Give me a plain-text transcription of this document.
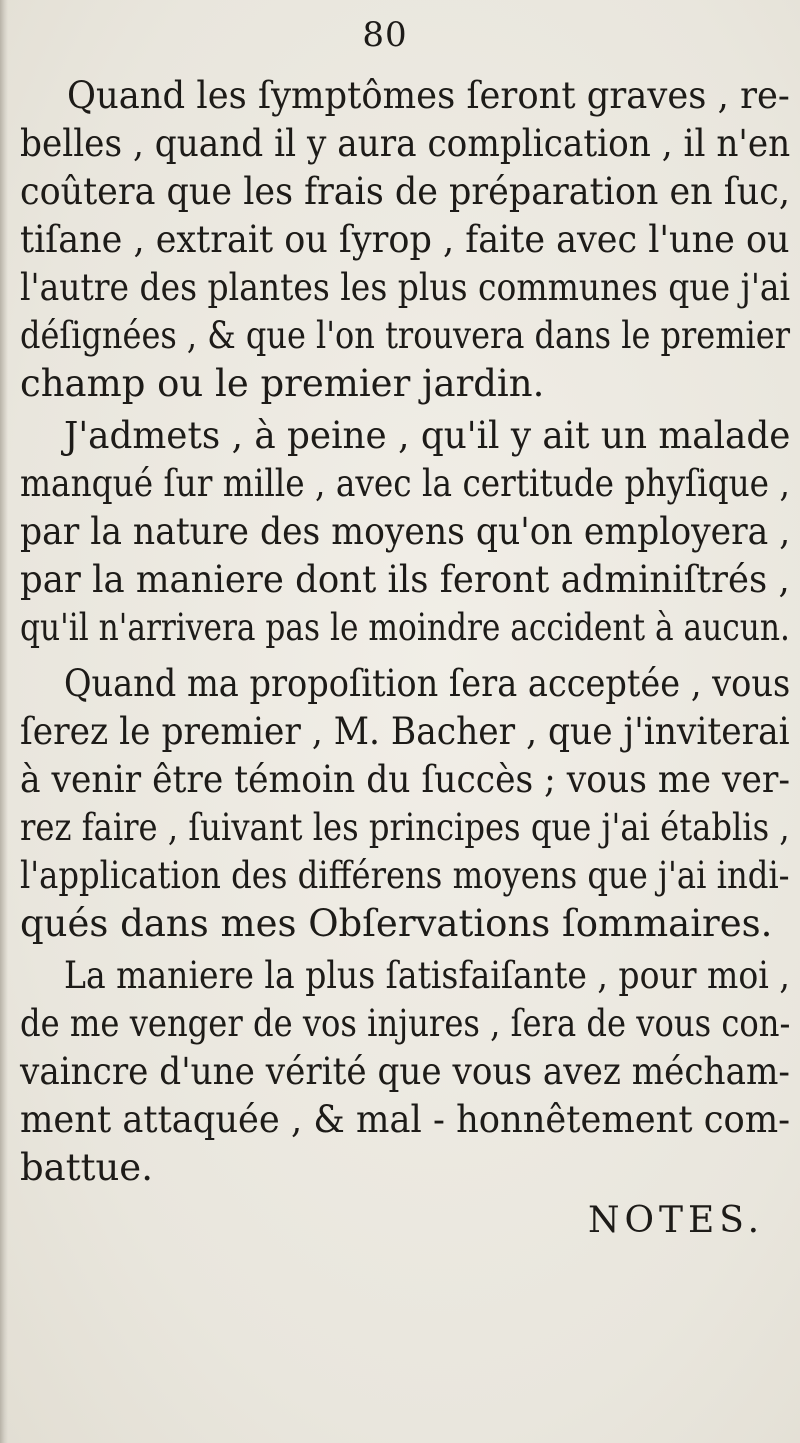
80
Quand les ſymptômes ſeront graves , re-
belles , quand il y aura complication , il n'en
coûtera que les frais de préparation en ſuc,
tiſane , extrait ou ſyrop , faite avec l'une ou
l'autre des plantes les plus communes que j'ai
déſignées , & que l'on trouvera dans le premier
champ ou le premier jardin.
J'admets , à peine , qu'il y ait un malade
manqué ſur mille , avec la certitude phyſique ,
par la nature des moyens qu'on employera ,
par la maniere dont ils feront adminiſtrés ,
qu'il n'arrivera pas le moindre accident à aucun.
Quand ma propoſition ſera acceptée , vous
ſerez le premier , M. Bacher , que j'inviterai
à venir être témoin du ſuccès ; vous me ver-
rez faire , ſuivant les principes que j'ai établis ,
l'application des différens moyens que j'ai indi-
qués dans mes Obſervations ſommaires.
La maniere la plus ſatisfaiſante , pour moi ,
de me venger de vos injures , ſera de vous con-
vaincre d'une vérité que vous avez mécham-
ment attaquée , & mal - honnêtement com-
battue.
NOTES.
